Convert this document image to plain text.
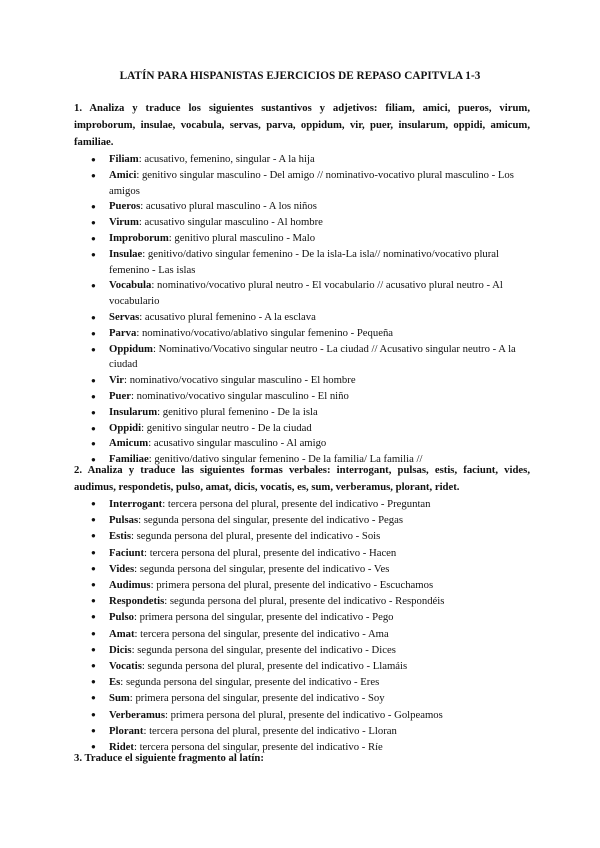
LATÍN PARA HISPANISTAS EJERCICIOS DE REPASO CAPITVLA 1-3

1. Analiza y traduce los siguientes sustantivos y adjetivos: filiam, amici, pueros, virum, improborum, insulae, vocabula, servas, parva, oppidum, vir, puer, insularum, oppidi, amicum, familiae.

● Filiam: acusativo, femenino, singular - A la hija
● Amici: genitivo singular masculino - Del amigo // nominativo-vocativo plural masculino - Los amigos
● Pueros: acusativo plural masculino - A los niños
● Virum: acusativo singular masculino - Al hombre
● Improborum: genitivo plural masculino - Malo
● Insulae: genitivo/dativo singular femenino - De la isla-La isla// nominativo/vocativo plural femenino - Las islas
● Vocabula: nominativo/vocativo plural neutro - El vocabulario // acusativo plural neutro - Al vocabulario
● Servas: acusativo plural femenino - A la esclava
● Parva: nominativo/vocativo/ablativo singular femenino - Pequeña
● Oppidum: Nominativo/Vocativo singular neutro - La ciudad // Acusativo singular neutro - A la ciudad
● Vir: nominativo/vocativo singular masculino - El hombre
● Puer: nominativo/vocativo singular masculino - El niño
● Insularum: genitivo plural femenino - De la isla
● Oppidi: genitivo singular neutro - De la ciudad
● Amicum: acusativo singular masculino - Al amigo
● Familiae: genitivo/dativo singular femenino - De la familia/ La familia //

2. Analiza y traduce las siguientes formas verbales: interrogant, pulsas, estis, faciunt, vides, audimus, respondetis, pulso, amat, dicis, vocatis, es, sum, verberamus, plorant, ridet.

● Interrogant: tercera persona del plural, presente del indicativo - Preguntan
● Pulsas: segunda persona del singular, presente del indicativo - Pegas
● Estis: segunda persona del plural, presente del indicativo - Sois
● Faciunt: tercera persona del plural, presente del indicativo - Hacen
● Vides: segunda persona del singular, presente del indicativo - Ves
● Audimus: primera persona del plural, presente del indicativo - Escuchamos
● Respondetis: segunda persona del plural, presente del indicativo - Respondéis
● Pulso: primera persona del singular, presente del indicativo - Pego
● Amat: tercera persona del singular, presente del indicativo - Ama
● Dicis: segunda persona del singular, presente del indicativo - Dices
● Vocatis: segunda persona del plural, presente del indicativo - Llamáis
● Es: segunda persona del singular, presente del indicativo - Eres
● Sum: primera persona del singular, presente del indicativo - Soy
● Verberamus: primera persona del plural, presente del indicativo - Golpeamos
● Plorant: tercera persona del plural, presente del indicativo - Lloran
● Ridet: tercera persona del singular, presente del indicativo - Ríe

3. Traduce el siguiente fragmento al latín:
